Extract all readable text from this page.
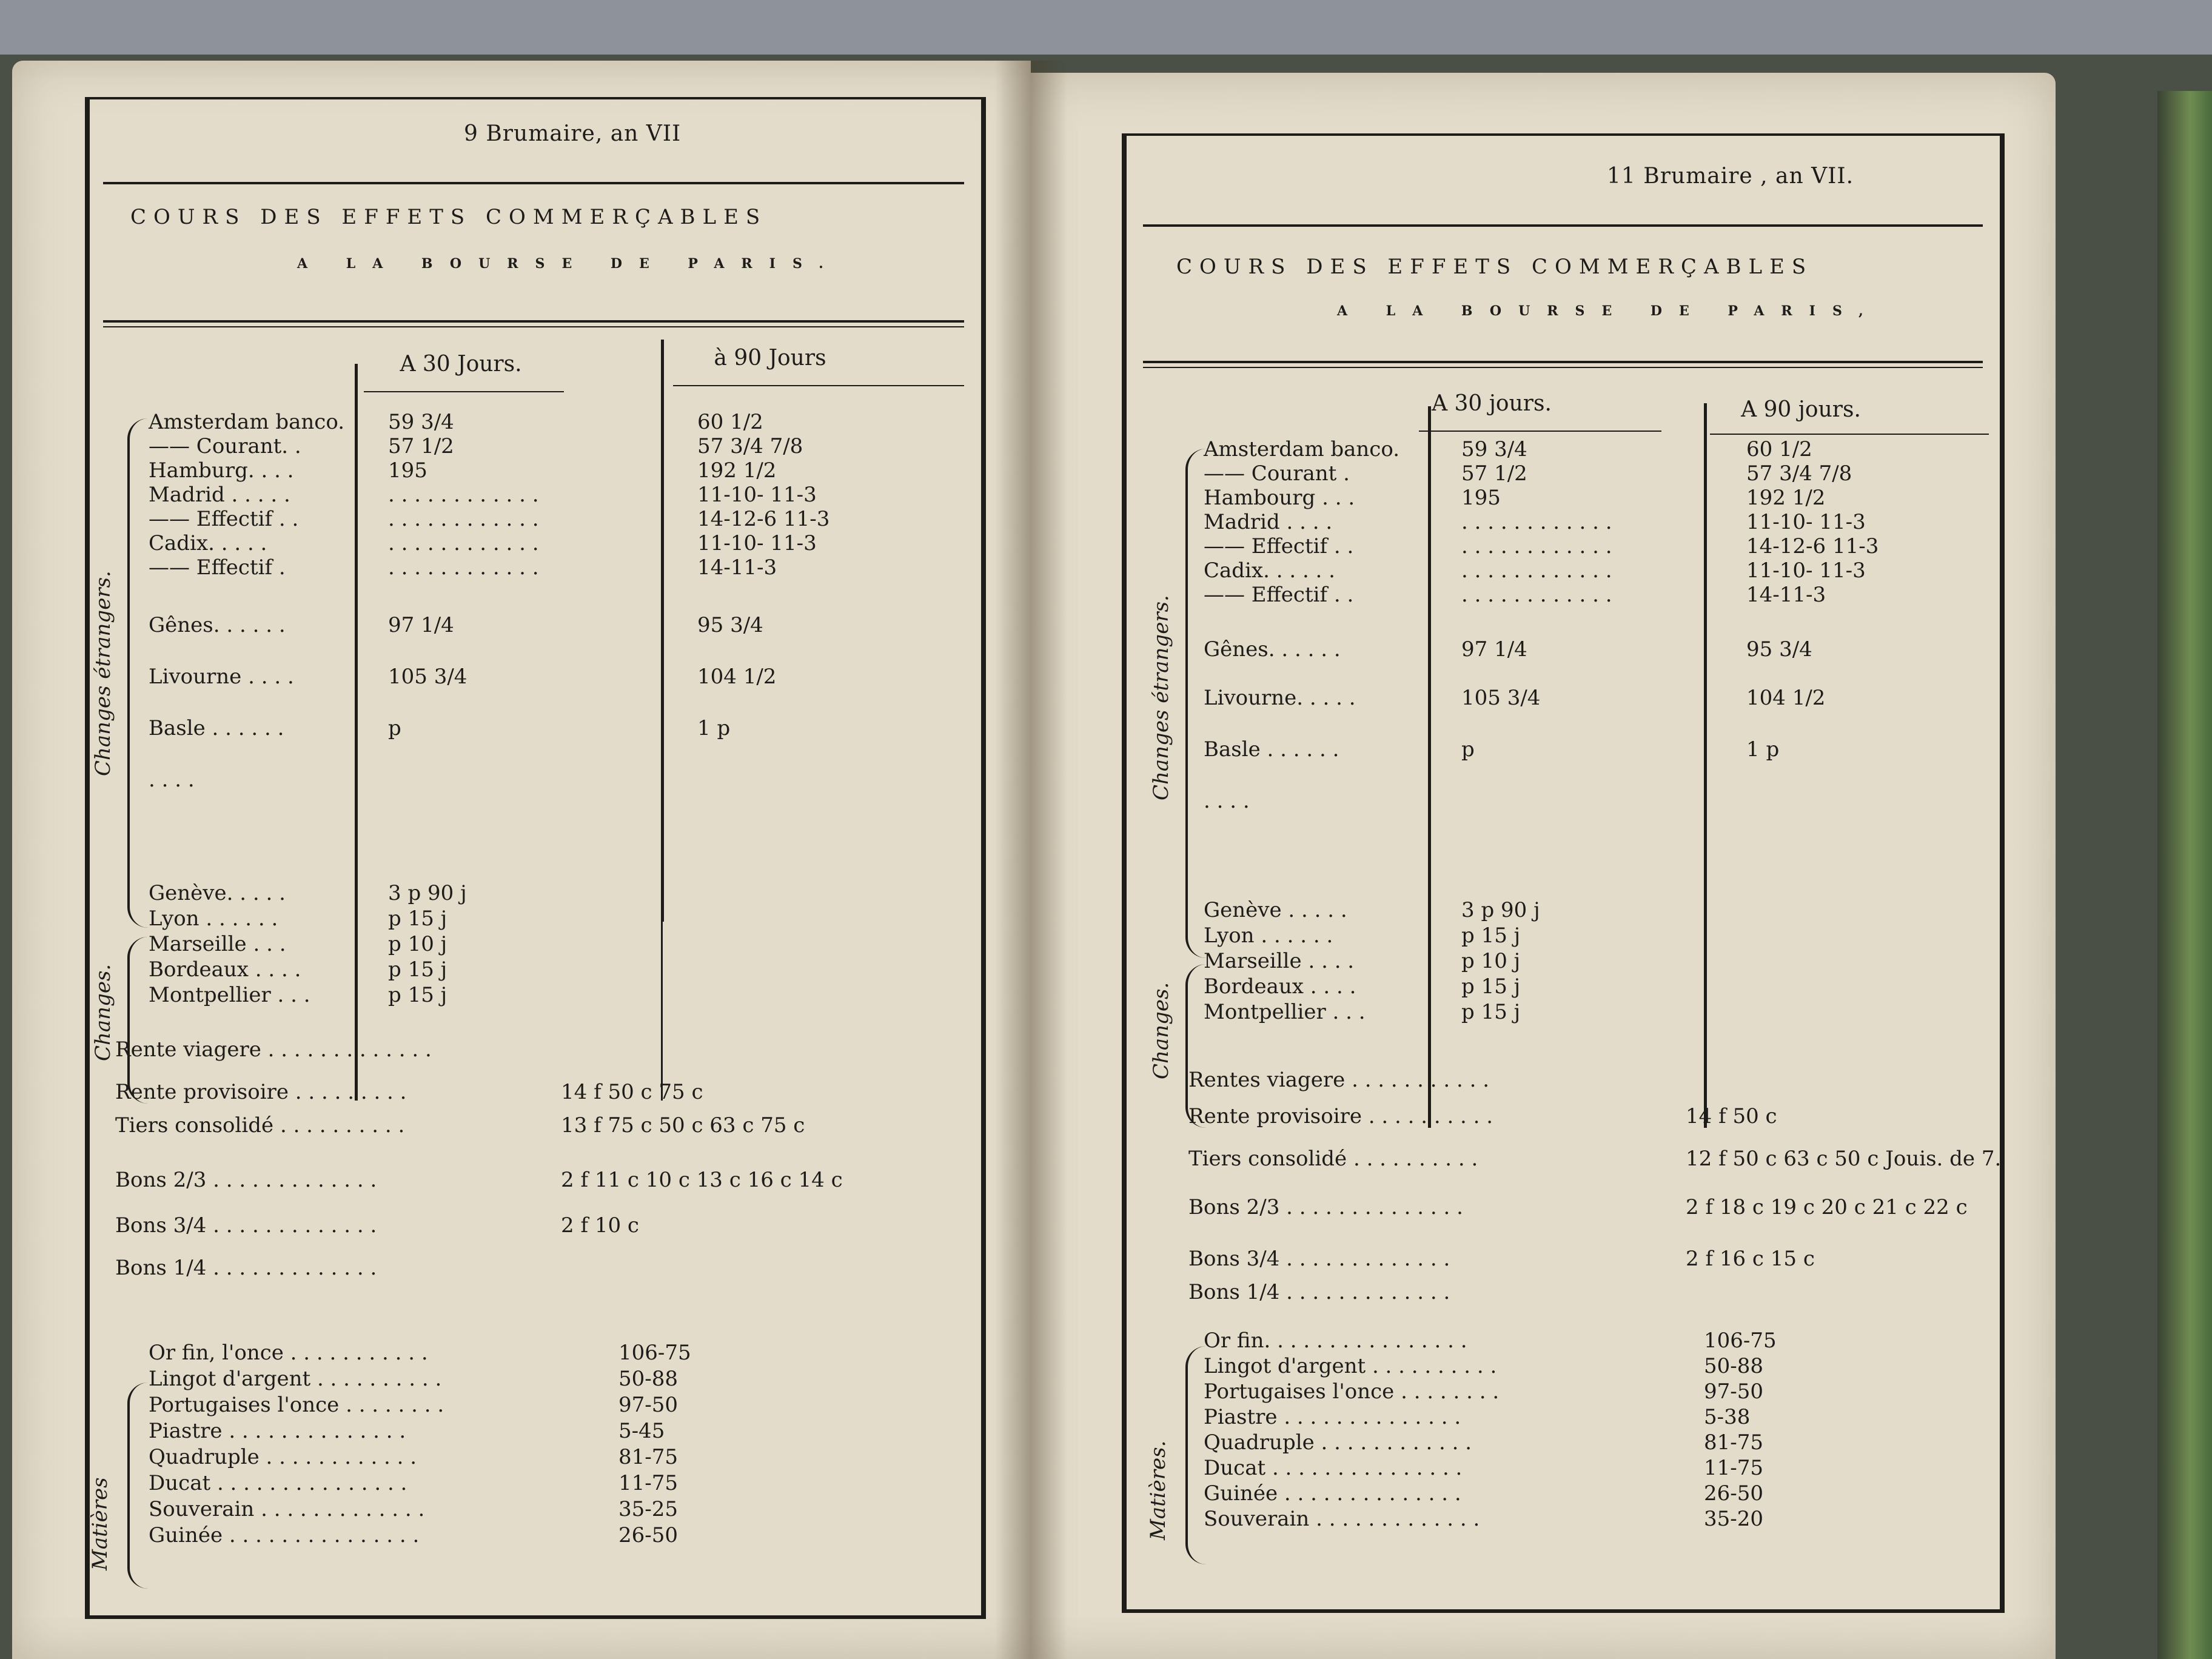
9 Brumaire, an VII
COURS DES EFFETS COMMERÇABLES
A LA BOURSE DE PARIS.
A 30 Jours.	à 90 Jours
Changes étrangers.
Changes.
Matières
Amsterdam banco. 59 3/4	60 1/2
—— Courant. .	57 1/2	57 3/4 7/8
Hamburg. . . .	195	192 1/2
Madrid . . . . .	. . . . . . . . . . . .	11-10- 11-3
—— Effectif . .	. . . . . . . . . . . .	14-12-6 11-3
Cadix. . . . .	. . . . . . . . . . . .	11-10- 11-3
—— Effectif .	. . . . . . . . . . . .	14-11-3
Gênes. . . . . .	97 1/4	95 3/4
Livourne . . . .	105 3/4	104 1/2
Basle . . . . . .	p	1 p
. . . .
Genève. . . . .	3 p 90 j
Lyon . . . . . .	p 15 j
Marseille . . .	p 10 j
Bordeaux . . . .	p 15 j
Montpellier . . .	p 15 j
Rente viagere . . . . . . . . . . . . .
Rente provisoire . . . . . . . . .	14 f 50 c 75 c
Tiers consolidé . . . . . . . . . .	13 f 75 c 50 c 63 c 75 c
Bons 2/3 . . . . . . . . . . . . .	2 f 11 c 10 c 13 c 16 c 14 c
Bons 3/4 . . . . . . . . . . . . .	2 f 10 c
Bons 1/4 . . . . . . . . . . . . .
Or fin, l'once . . . . . . . . . . .	106-75
Lingot d'argent . . . . . . . . . .	50-88
Portugaises l'once . . . . . . . .	97-50
Piastre . . . . . . . . . . . . . .	5-45
Quadruple . . . . . . . . . . . .	81-75
Ducat . . . . . . . . . . . . . . .	11-75
Souverain . . . . . . . . . . . . .	35-25
Guinée . . . . . . . . . . . . . . .	26-50
11 Brumaire , an VII.
COURS DES EFFETS COMMERÇABLES
A LA BOURSE DE PARIS,
A 30 jours.	A 90 jours.
Changes étrangers.
Changes.
Matières.
Amsterdam banco.	59 3/4	60 1/2
—— Courant .	57 1/2	57 3/4 7/8
Hambourg . . .	195	192 1/2
Madrid . . . .	. . . . . . . . . . . .	11-10- 11-3
—— Effectif . .	. . . . . . . . . . . .	14-12-6 11-3
Cadix. . . . . .	. . . . . . . . . . . .	11-10- 11-3
—— Effectif . .	. . . . . . . . . . . .	14-11-3
Gênes. . . . . .	97 1/4	95 3/4
Livourne. . . . .	105 3/4	104 1/2
Basle . . . . . .	p	1 p
. . . .
Genève . . . . .	3 p 90 j
Lyon . . . . . .	p 15 j
Marseille . . . .	p 10 j
Bordeaux . . . .	p 15 j
Montpellier . . .	p 15 j
Rentes viagere . . . . . . . . . . .
Rente provisoire . . . . . . . . . .	14 f 50 c
Tiers consolidé . . . . . . . . . .	12 f 50 c 63 c 50 c Jouis. de 7.
Bons 2/3 . . . . . . . . . . . . . .	2 f 18 c 19 c 20 c 21 c 22 c
Bons 3/4 . . . . . . . . . . . . .	2 f 16 c 15 c
Bons 1/4 . . . . . . . . . . . . .
Or fin. . . . . . . . . . . . . . . .	106-75
Lingot d'argent . . . . . . . . . .	50-88
Portugaises l'once . . . . . . . .	97-50
Piastre . . . . . . . . . . . . . .	5-38
Quadruple . . . . . . . . . . . .	81-75
Ducat . . . . . . . . . . . . . . .	11-75
Guinée . . . . . . . . . . . . . .	26-50
Souverain . . . . . . . . . . . . .	35-20
